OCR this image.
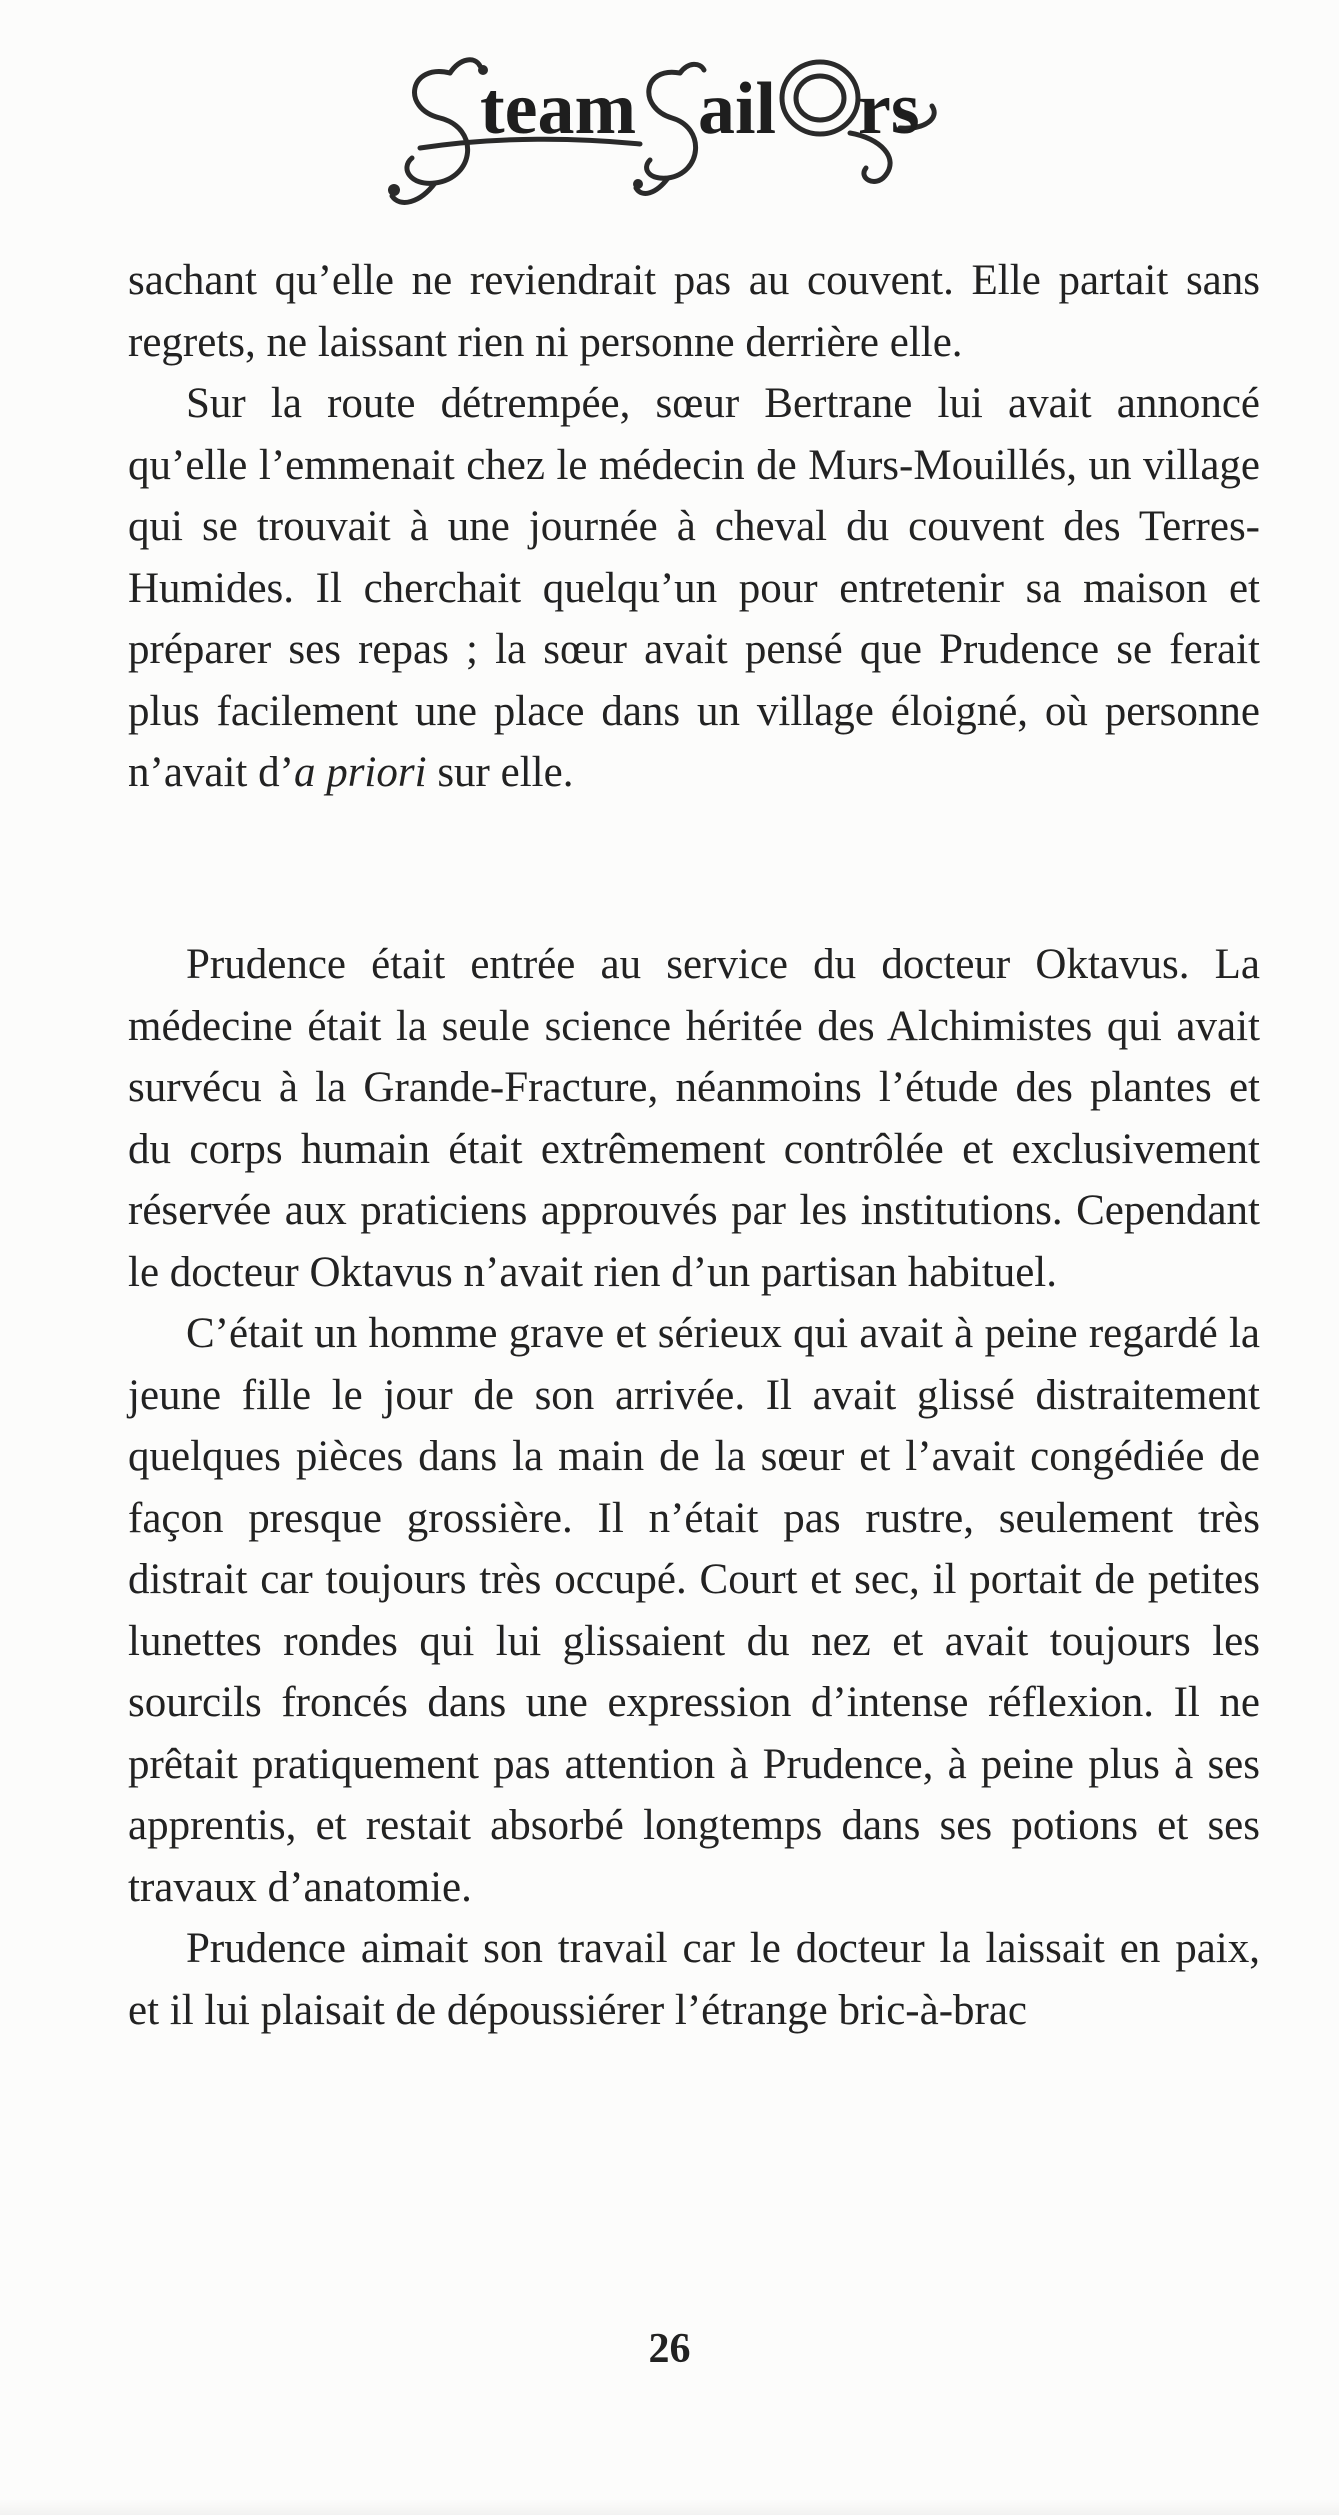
team ail rs

sachant qu’elle ne reviendrait pas au couvent. Elle partait sans regrets, ne laissant rien ni personne derrière elle.

Sur la route détrempée, sœur Bertrane lui avait annoncé qu’elle l’emmenait chez le médecin de Murs-Mouillés, un village qui se trouvait à une journée à cheval du couvent des Terres-Humides. Il cherchait quelqu’un pour entretenir sa maison et préparer ses repas ; la sœur avait pensé que Prudence se ferait plus facilement une place dans un village éloigné, où personne n’avait d’a priori sur elle.

Prudence était entrée au service du docteur Oktavus. La médecine était la seule science héritée des Alchimistes qui avait survécu à la Grande-Fracture, néanmoins l’étude des plantes et du corps humain était extrêmement contrôlée et exclusivement réservée aux praticiens approuvés par les institutions. Cependant le docteur Oktavus n’avait rien d’un partisan habituel.

C’était un homme grave et sérieux qui avait à peine regardé la jeune fille le jour de son arrivée. Il avait glissé distraitement quelques pièces dans la main de la sœur et l’avait congédiée de façon presque grossière. Il n’était pas rustre, seulement très distrait car toujours très occupé. Court et sec, il portait de petites lunettes rondes qui lui glissaient du nez et avait toujours les sourcils froncés dans une expression d’intense réflexion. Il ne prêtait pratiquement pas attention à Prudence, à peine plus à ses apprentis, et restait absorbé longtemps dans ses potions et ses travaux d’anatomie.

Prudence aimait son travail car le docteur la laissait en paix, et il lui plaisait de dépoussiérer l’étrange bric-à-brac

26
